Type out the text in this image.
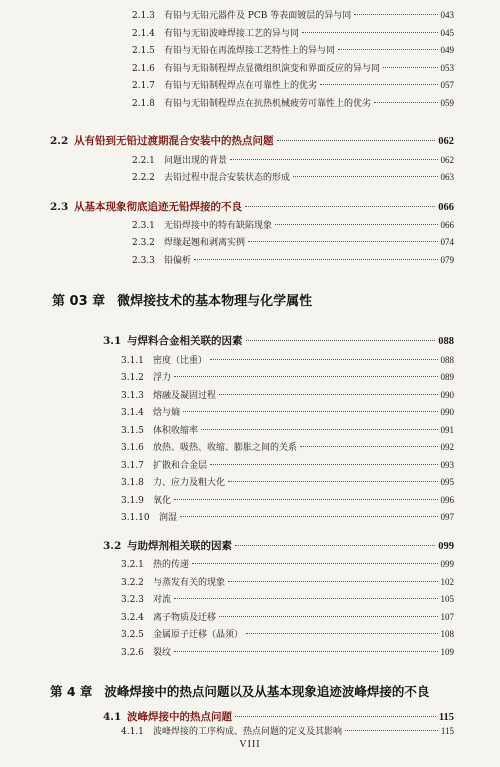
2.1.3	有铅与无铅元器件及 PCB 等表面镀层的异与同	043
2.1.4	有铅与无铅波峰焊接工艺的异与同	045
2.1.5	有铅与无铅在再流焊接工艺特性上的异与同	049
2.1.6	有铅与无铅制程焊点显微组织演变和界面反应的异与同	053
2.1.7	有铅与无铅制程焊点在可靠性上的优劣	057
2.1.8	有铅与无铅制程焊点在抗热机械疲劳可靠性上的优劣	059
2.2 从有铅到无铅过渡期混合安装中的热点问题	062
2.2.1	问题出现的背景	062
2.2.2	去铅过程中混合安装状态的形成	063
2.3 从基本现象彻底追迹无铅焊接的不良	066
2.3.1	无铅焊接中的特有缺陷现象	066
2.3.2	焊缘起翘和剥离实例	074
2.3.3	铅偏析	079
第 03 章 微焊接技术的基本物理与化学属性
3.1 与焊料合金相关联的因素	088
3.1.1	密度（比重）	088
3.1.2	浮力	089
3.1.3	熔融及凝固过程	090
3.1.4	焓与熵	090
3.1.5	体积收缩率	091
3.1.6	放热、吸热、收缩、膨胀之间的关系	092
3.1.7	扩散和合金层	093
3.1.8	力、应力及粗大化	095
3.1.9	氧化	096
3.1.10	润湿	097
3.2 与助焊剂相关联的因素	099
3.2.1	热的传递	099
3.2.2	与蒸发有关的现象	102
3.2.3	对流	105
3.2.4	离子物质及迁移	107
3.2.5	金属原子迁移（晶须）	108
3.2.6	裂纹	109
第 4 章 波峰焊接中的热点问题以及从基本现象追迹波峰焊接的不良
4.1 波峰焊接中的热点问题	115
4.1.1	波峰焊接的工序构成、热点问题的定义及其影响	115
VIII
